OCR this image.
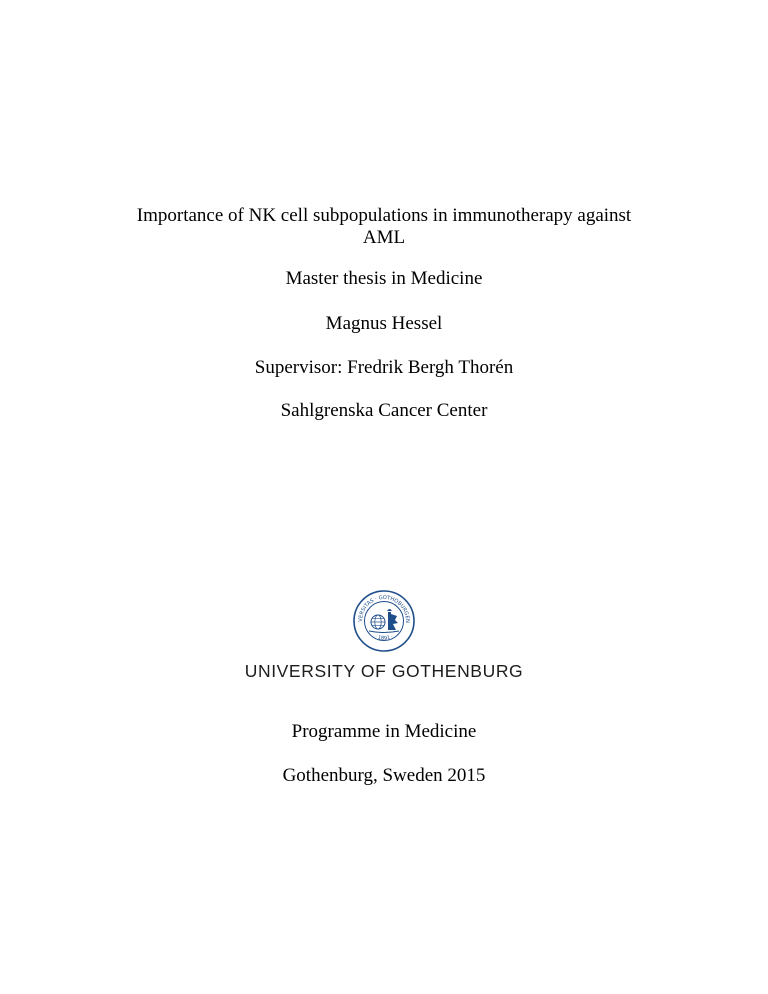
Importance of NK cell subpopulations in immunotherapy against
AML
Master thesis in Medicine
Magnus Hessel
Supervisor: Fredrik Bergh Thorén
Sahlgrenska Cancer Center
VERSITAS · GOTHOBURGEN
· 1891 ·
UNIVERSITY OF GOTHENBURG
Programme in Medicine
Gothenburg, Sweden 2015
